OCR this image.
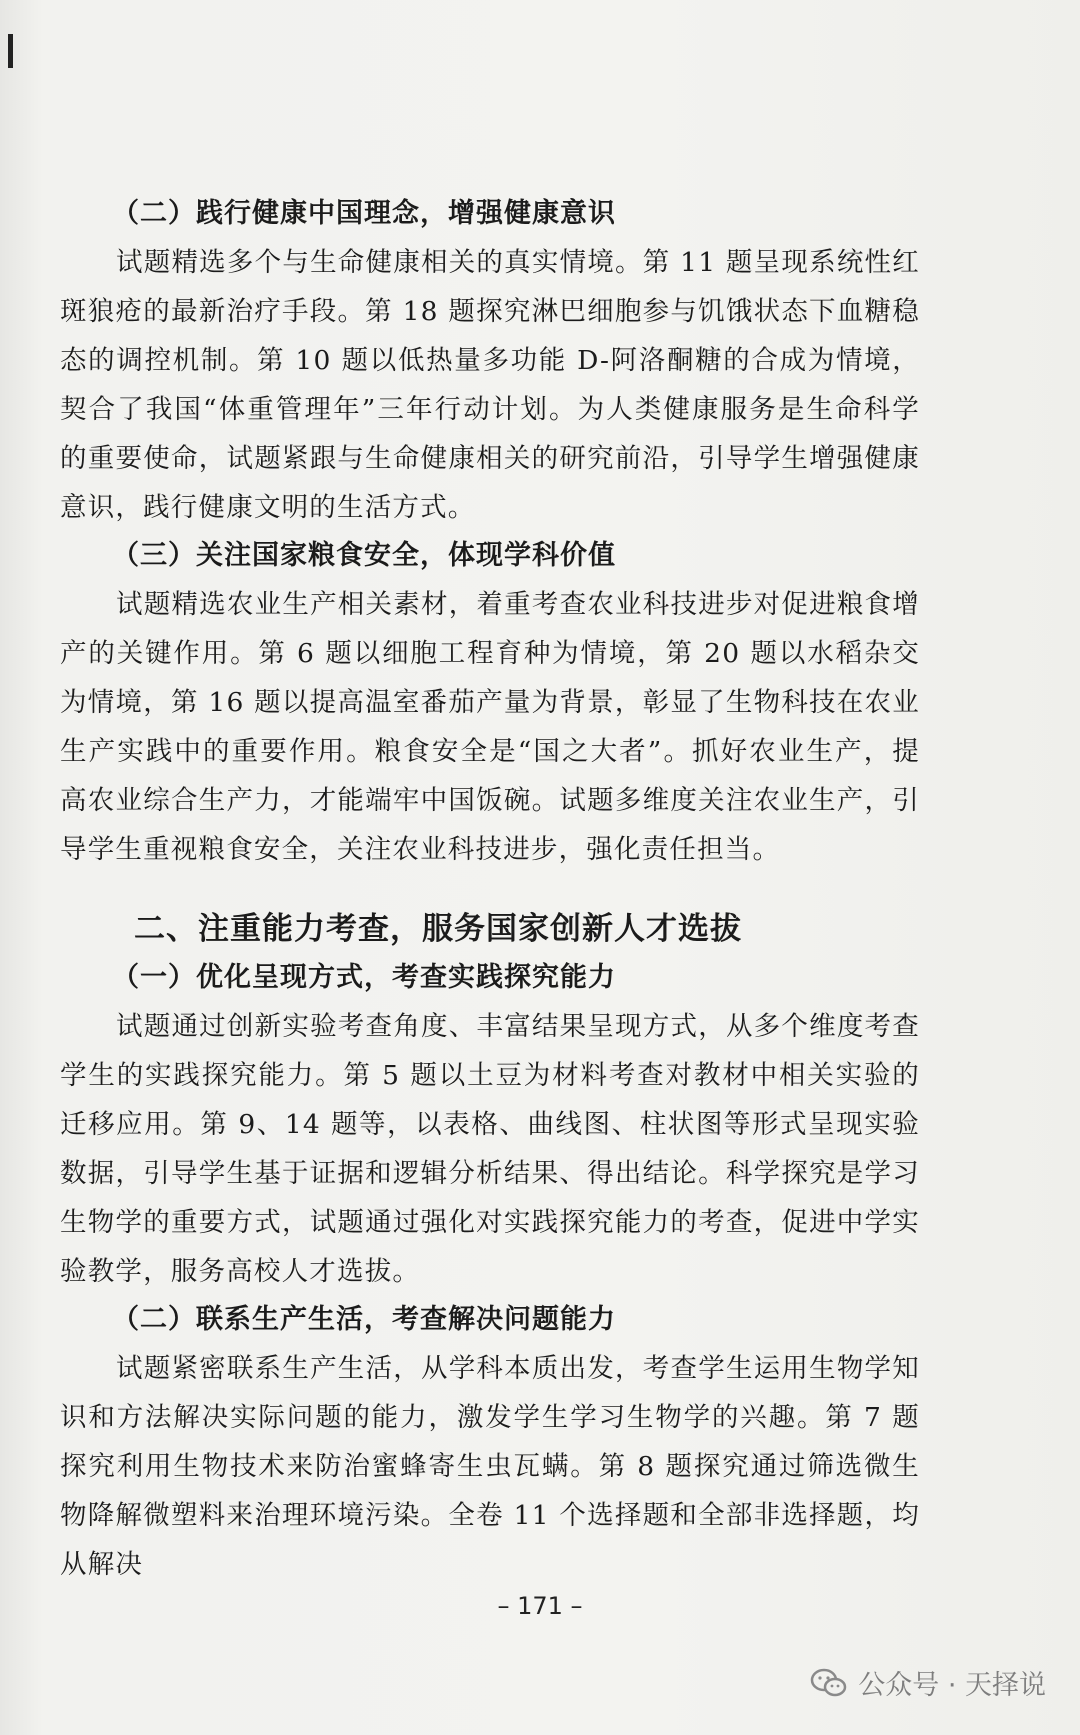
（二）践行健康中国理念，增强健康意识

试题精选多个与生命健康相关的真实情境。第 11 题呈现系统性红斑狼疮的最新治疗手段。第 18 题探究淋巴细胞参与饥饿状态下血糖稳态的调控机制。第 10 题以低热量多功能 D-阿洛酮糖的合成为情境，契合了我国“体重管理年”三年行动计划。为人类健康服务是生命科学的重要使命，试题紧跟与生命健康相关的研究前沿，引导学生增强健康意识，践行健康文明的生活方式。

（三）关注国家粮食安全，体现学科价值

试题精选农业生产相关素材，着重考查农业科技进步对促进粮食增产的关键作用。第 6 题以细胞工程育种为情境，第 20 题以水稻杂交为情境，第 16 题以提高温室番茄产量为背景，彰显了生物科技在农业生产实践中的重要作用。粮食安全是“国之大者”。抓好农业生产，提高农业综合生产力，才能端牢中国饭碗。试题多维度关注农业生产，引导学生重视粮食安全，关注农业科技进步，强化责任担当。

二、注重能力考查，服务国家创新人才选拔
（一）优化呈现方式，考查实践探究能力

试题通过创新实验考查角度、丰富结果呈现方式，从多个维度考查学生的实践探究能力。第 5 题以土豆为材料考查对教材中相关实验的迁移应用。第 9、14 题等，以表格、曲线图、柱状图等形式呈现实验数据，引导学生基于证据和逻辑分析结果、得出结论。科学探究是学习生物学的重要方式，试题通过强化对实践探究能力的考查，促进中学实验教学，服务高校人才选拔。

（二）联系生产生活，考查解决问题能力

试题紧密联系生产生活，从学科本质出发，考查学生运用生物学知识和方法解决实际问题的能力，激发学生学习生物学的兴趣。第 7 题探究利用生物技术来防治蜜蜂寄生虫瓦螨。第 8 题探究通过筛选微生物降解微塑料来治理环境污染。全卷 11 个选择题和全部非选择题，均从解决

– 171 –
公众号 · 天择说
